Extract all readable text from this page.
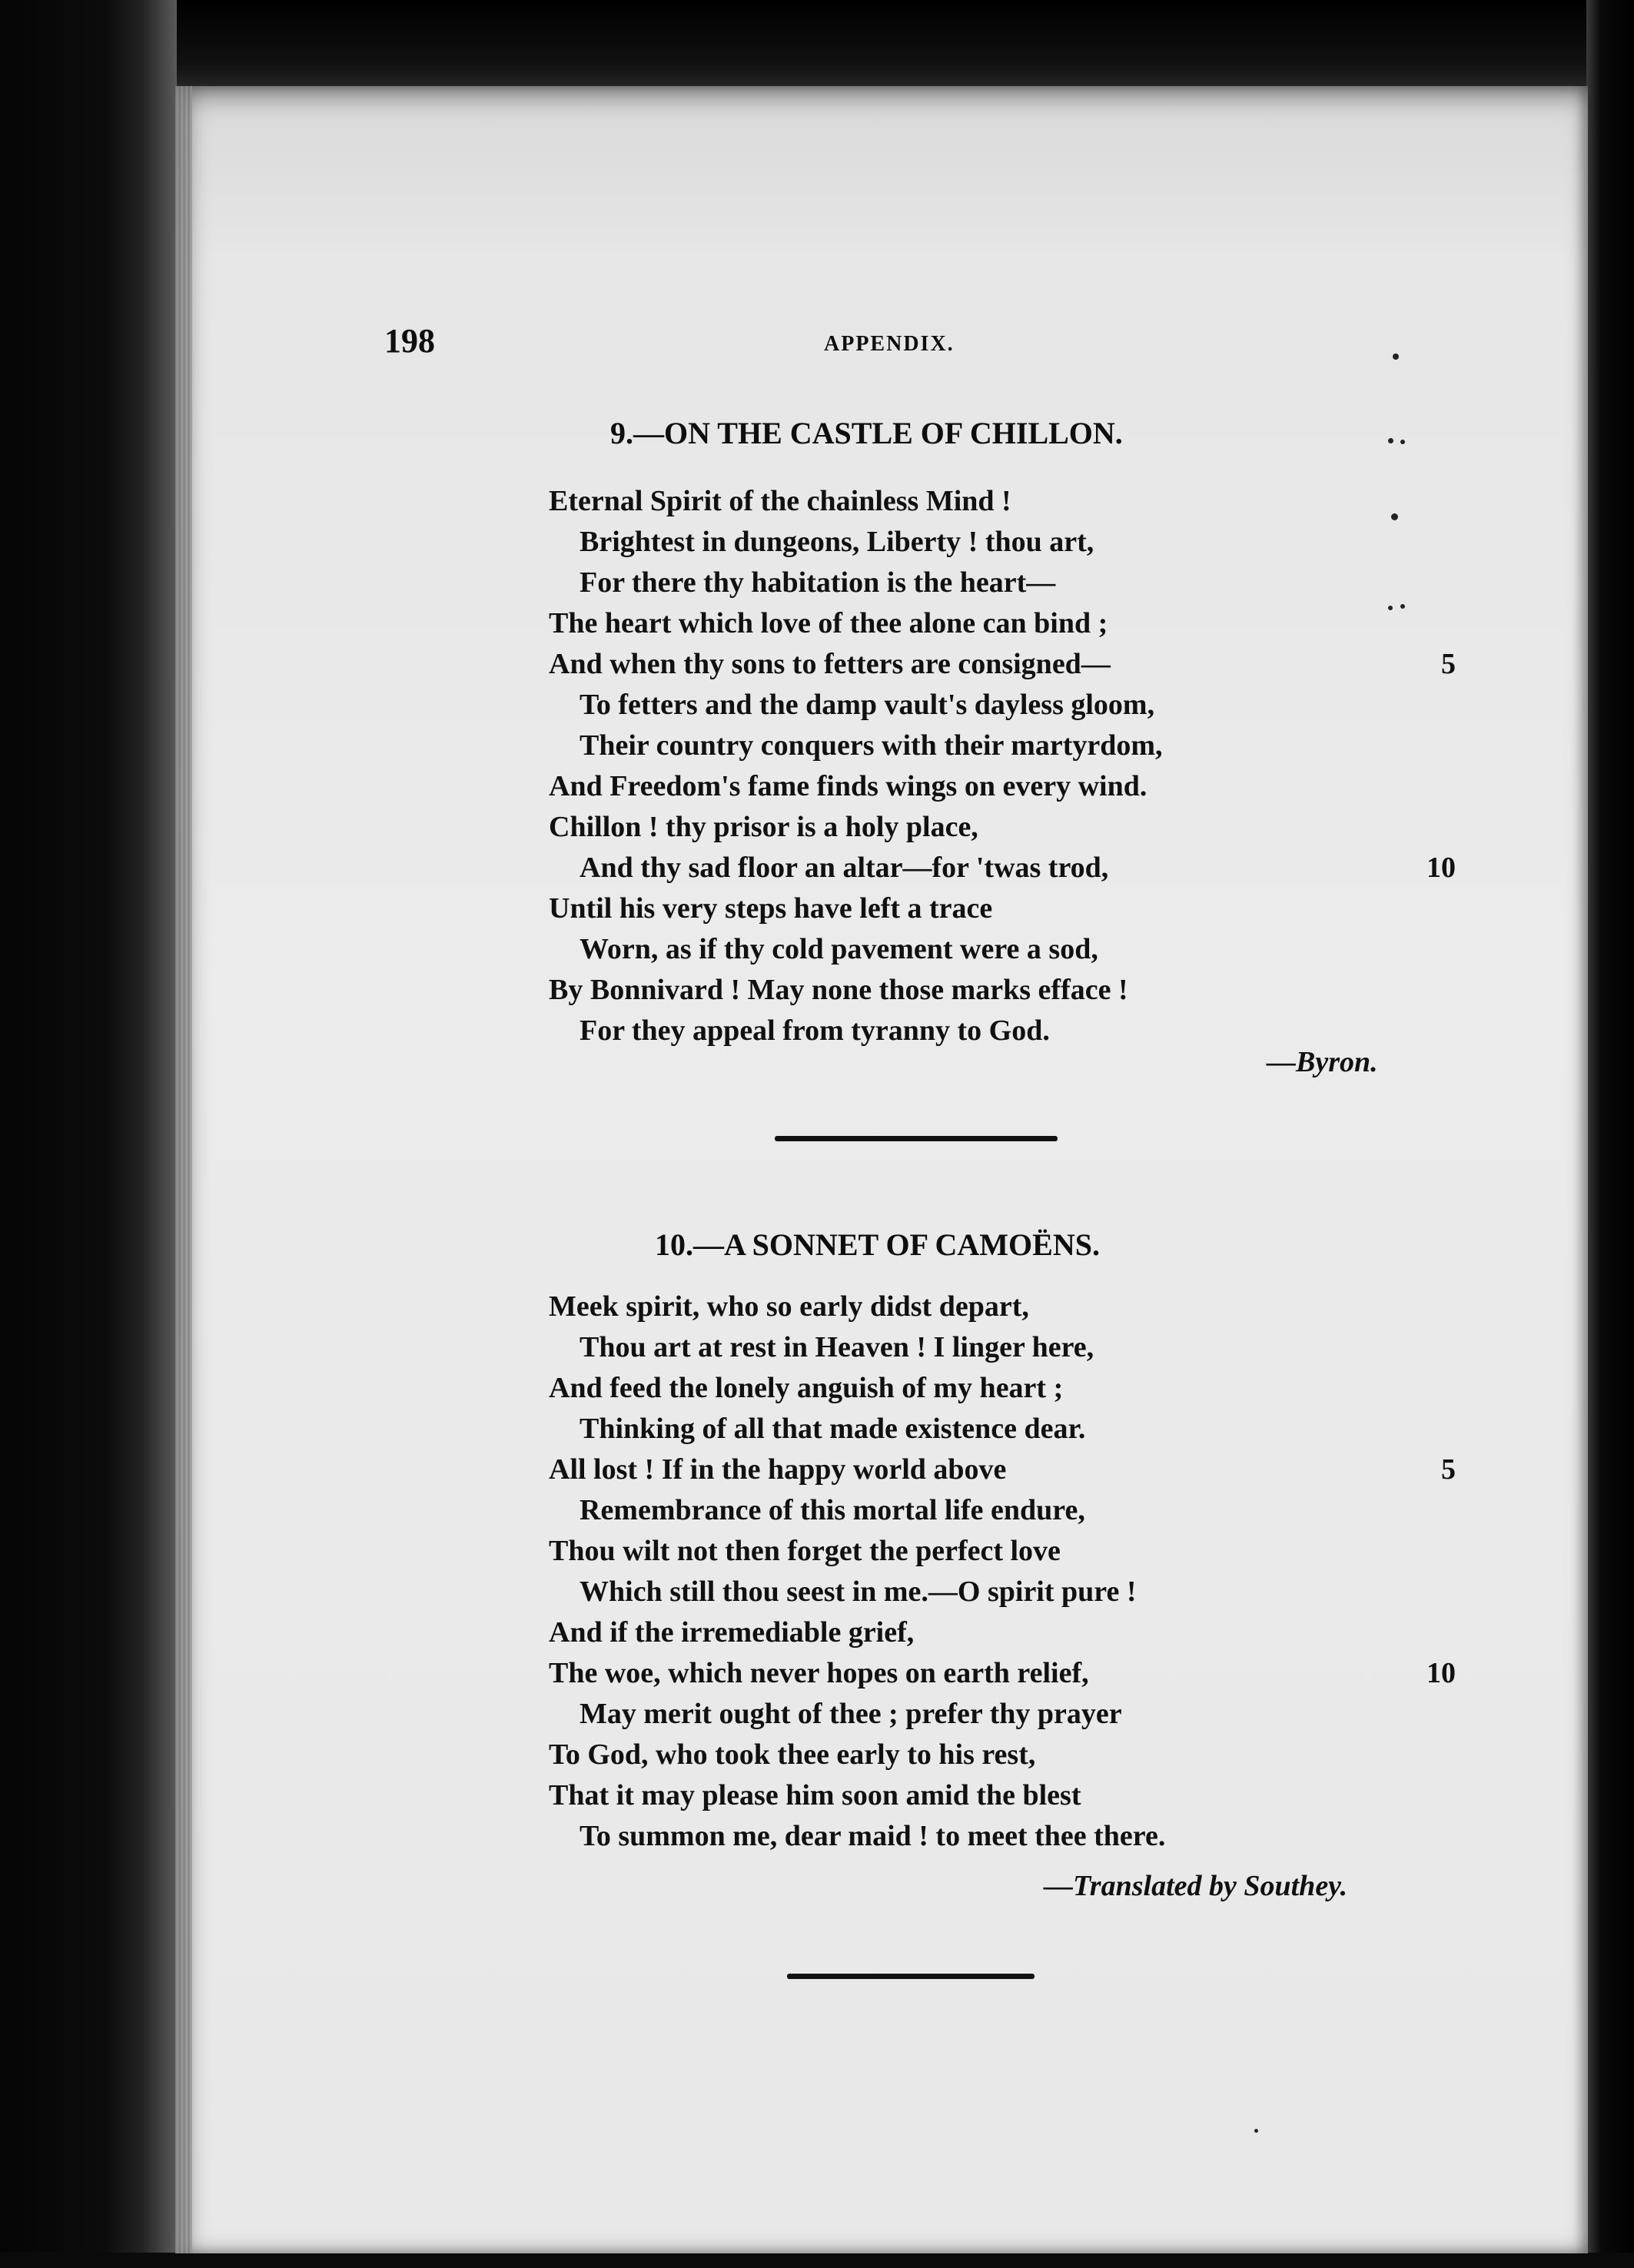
198	APPENDIX.
9.—ON THE CASTLE OF CHILLON.
Eternal Spirit of the chainless Mind !
Brightest in dungeons, Liberty ! thou art,
For there thy habitation is the heart—
The heart which love of thee alone can bind ;
And when thy sons to fetters are consigned—	5
To fetters and the damp vault's dayless gloom,
Their country conquers with their martyrdom,
And Freedom's fame finds wings on every wind.
Chillon ! thy prisor is a holy place,
And thy sad floor an altar—for 'twas trod,	10
Until his very steps have left a trace
Worn, as if thy cold pavement were a sod,
By Bonnivard ! May none those marks efface !
For they appeal from tyranny to God.
—Byron.
10.—A SONNET OF CAMOËNS.
Meek spirit, who so early didst depart,
Thou art at rest in Heaven ! I linger here,
And feed the lonely anguish of my heart ;
Thinking of all that made existence dear.
All lost ! If in the happy world above	5
Remembrance of this mortal life endure,
Thou wilt not then forget the perfect love
Which still thou seest in me.—O spirit pure !
And if the irremediable grief,
The woe, which never hopes on earth relief,	10
May merit ought of thee ; prefer thy prayer
To God, who took thee early to his rest,
That it may please him soon amid the blest
To summon me, dear maid ! to meet thee there.
—Translated by Southey.
